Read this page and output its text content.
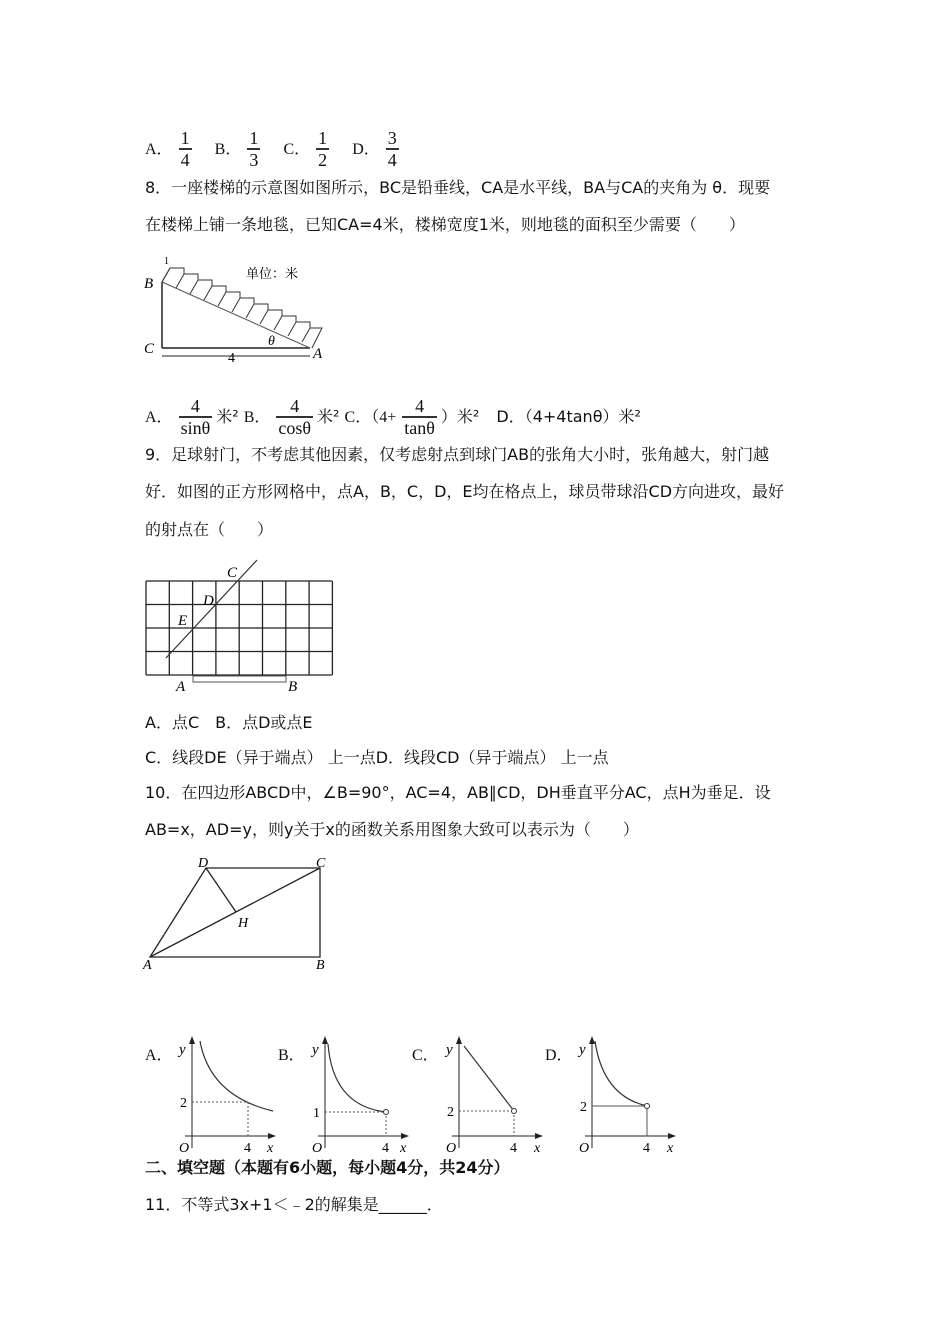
A． $\frac{1}{4}$ B． $\frac{1}{3}$ C． $\frac{1}{2}$ D． $\frac{3}{4}$
8．一座楼梯的示意图如图所示，BC是铅垂线，CA是水平线，BA与CA的夹角为 θ．现要
在楼梯上铺一条地毯，已知CA=4米，楼梯宽度1米，则地毯的面积至少需要（　　）
B
C	A
θ
4
1
单位：米
A． $\frac{4}{\sin\theta}$ 米² B． $\frac{4}{\cos\theta}$ 米² C．（$4+ \frac{4}{\tan\theta}$ ）米² D．（4+4tanθ）米²
9．足球射门，不考虑其他因素，仅考虑射点到球门AB的张角大小时，张角越大，射门越
好．如图的正方形网格中，点A，B，C，D，E均在格点上，球员带球沿CD方向进攻，最好
的射点在（　　）
C
D
E
A	B
A．点C　B．点D或点E
C．线段DE（异于端点） 上一点D．线段CD（异于端点） 上一点
10．在四边形ABCD中，∠B=90°，AC=4，AB∥CD，DH垂直平分AC，点H为垂足．设
AB=x，AD=y，则y关于x的函数关系用图象大致可以表示为（　　）
D	C
H
A	B
A． y
x
O
2
4
B． y
x
O
1
4
C． y
x
O
2
4
D． y
x
O
2
4
二、填空题（本题有6小题，每小题4分，共24分）
11．不等式3x+1＜﹣2的解集是______．
